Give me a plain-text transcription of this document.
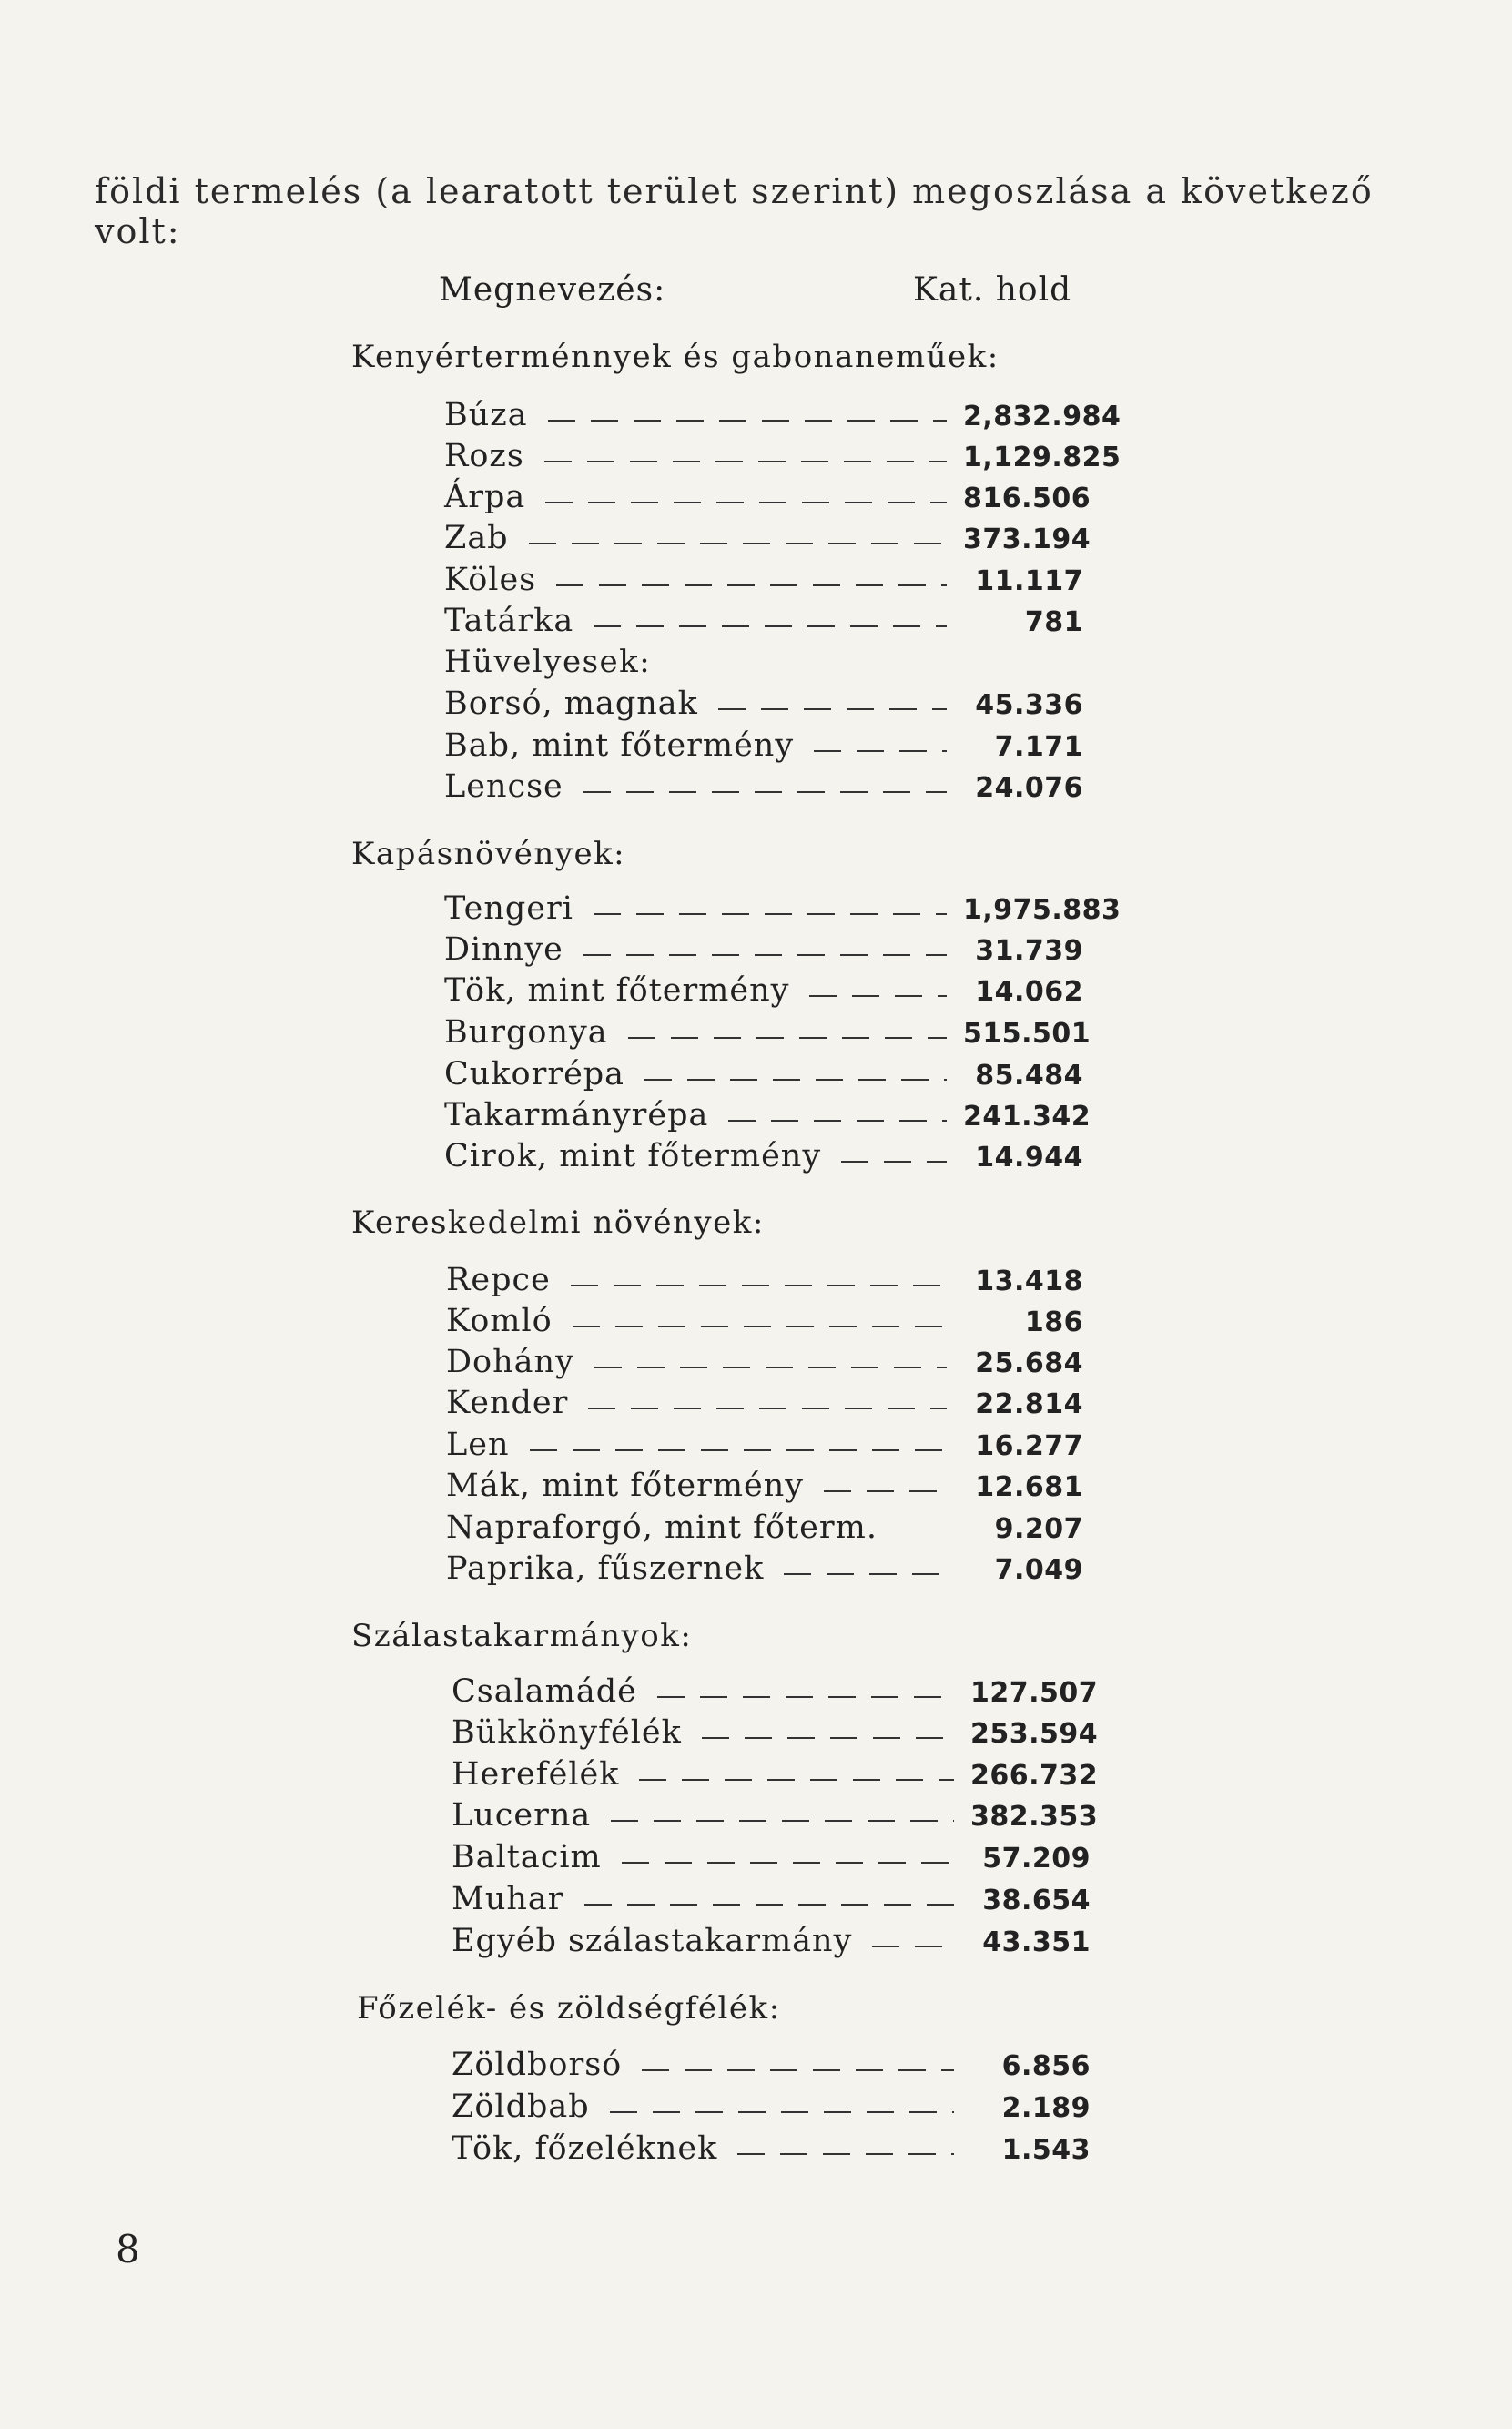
földi termelés (a learatott terület szerint) megoszlása a következő volt:
Megnevezés:	Kat. hold
Kenyérterménnyek és gabonaneműek:
Búza	2,832.984
Rozs	1,129.825
Árpa	816.506
Zab	373.194
Köles	11.117
Tatárka	781
Hüvelyesek:
Borsó, magnak	45.336
Bab, mint főtermény	7.171
Lencse	24.076
Kapásnövények:
Tengeri	1,975.883
Dinnye	31.739
Tök, mint főtermény	14.062
Burgonya	515.501
Cukorrépa	85.484
Takarmányrépa	241.342
Cirok, mint főtermény	14.944
Kereskedelmi növények:
Repce	13.418
Komló	186
Dohány	25.684
Kender	22.814
Len	16.277
Mák, mint főtermény	12.681
Napraforgó, mint főterm.	9.207
Paprika, fűszernek	7.049
Szálastakarmányok:
Csalamádé	127.507
Bükkönyfélék	253.594
Herefélék	266.732
Lucerna	382.353
Baltacim	57.209
Muhar	38.654
Egyéb szálastakarmány	43.351
Főzelék- és zöldségfélék:
Zöldborsó	6.856
Zöldbab	2.189
Tök, főzeléknek	1.543
8
